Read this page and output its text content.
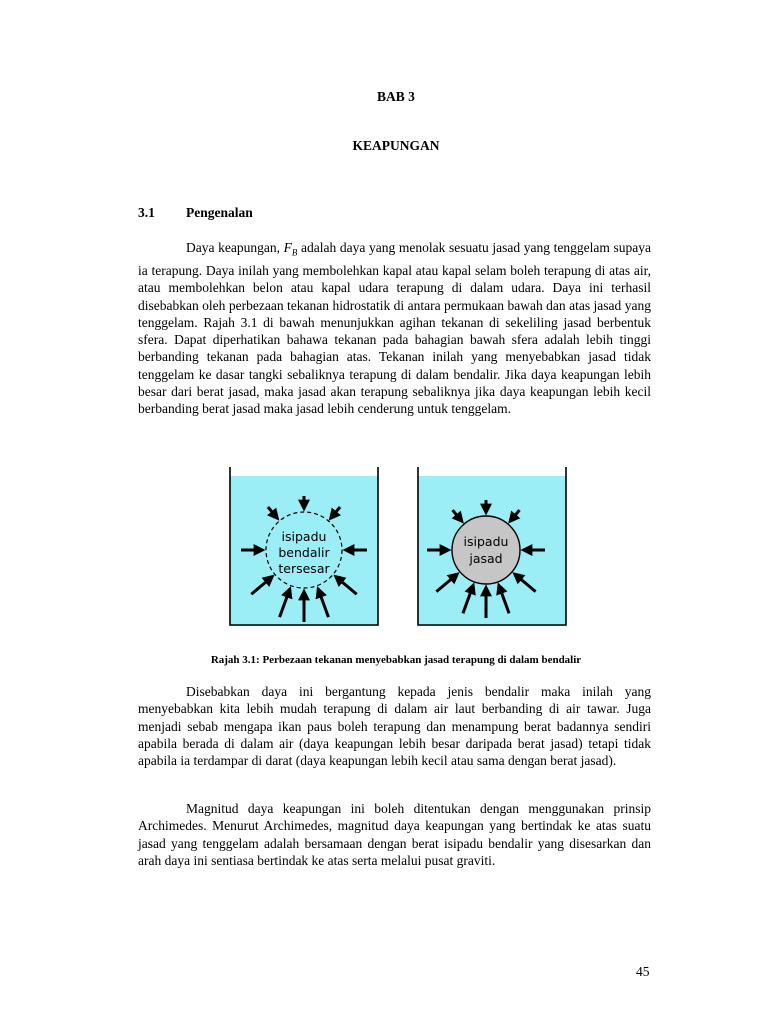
BAB 3
KEAPUNGAN
3.1 Pengenalan

Daya keapungan, $F_B$ adalah daya yang menolak sesuatu jasad yang tenggelam supaya ia terapung. Daya inilah yang membolehkan kapal atau kapal selam boleh terapung di atas air, atau membolehkan belon atau kapal udara terapung di dalam udara. Daya ini terhasil disebabkan oleh perbezaan tekanan hidrostatik di antara permukaan bawah dan atas jasad yang tenggelam. Rajah 3.1 di bawah menunjukkan agihan tekanan di sekeliling jasad berbentuk sfera. Dapat diperhatikan bahawa tekanan pada bahagian bawah sfera adalah lebih tinggi berbanding tekanan pada bahagian atas. Tekanan inilah yang menyebabkan jasad tidak tenggelam ke dasar tangki sebaliknya terapung di dalam bendalir. Jika daya keapungan lebih besar dari berat jasad, maka jasad akan terapung sebaliknya jika daya keapungan lebih kecil berbanding berat jasad maka jasad lebih cenderung untuk tenggelam.

isipadu
bendalir
tersesar
isipadu
jasad
Rajah 3.1: Perbezaan tekanan menyebabkan jasad terapung di dalam bendalir

Disebabkan daya ini bergantung kepada jenis bendalir maka inilah yang menyebabkan kita lebih mudah terapung di dalam air laut berbanding di air tawar. Juga menjadi sebab mengapa ikan paus boleh terapung dan menampung berat badannya sendiri apabila berada di dalam air (daya keapungan lebih besar daripada berat jasad) tetapi tidak apabila ia terdampar di darat (daya keapungan lebih kecil atau sama dengan berat jasad).

Magnitud daya keapungan ini boleh ditentukan dengan menggunakan prinsip Archimedes. Menurut Archimedes, magnitud daya keapungan yang bertindak ke atas suatu jasad yang tenggelam adalah bersamaan dengan berat isipadu bendalir yang disesarkan dan arah daya ini sentiasa bertindak ke atas serta melalui pusat graviti.

45
